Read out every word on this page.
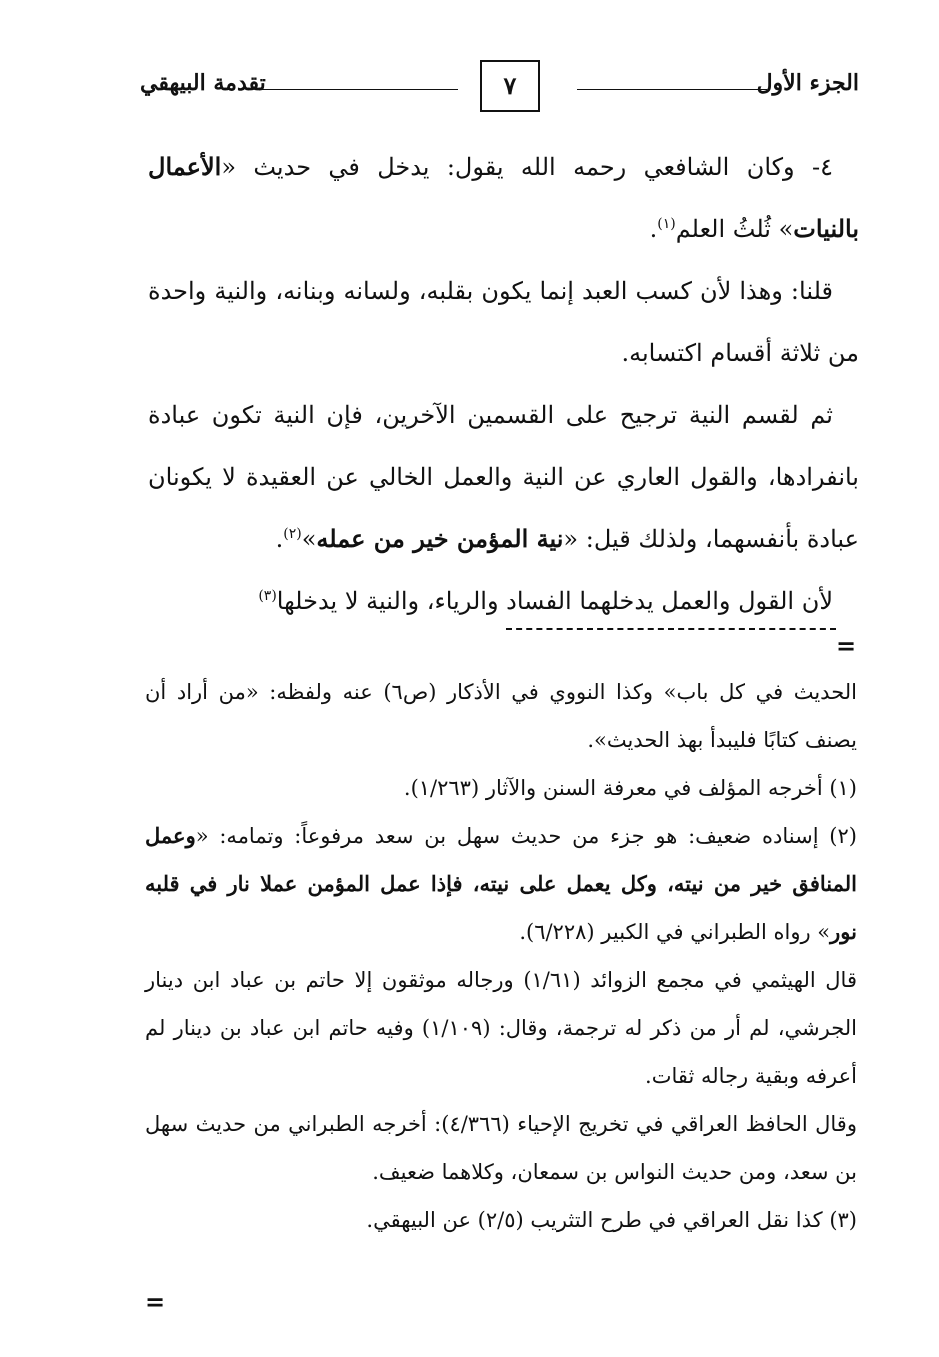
الجزء الأول
٧
تقدمة البيهقي

٤- وكان الشافعي رحمه الله يقول: يدخل في حديث «الأعمال بالنيات» ثُلثُ العلم$^{(١)}$.

قلنا: وهذا لأن كسب العبد إنما يكون بقلبه، ولسانه وبنانه، والنية واحدة من ثلاثة أقسام اكتسابه.

ثم لقسم النية ترجيح على القسمين الآخرين، فإن النية تكون عبادة بانفرادها، والقول العاري عن النية والعمل الخالي عن العقيدة لا يكونان عبادة بأنفسهما، ولذلك قيل: «نية المؤمن خير من عمله»$^{(٢)}$.

لأن القول والعمل يدخلهما الفساد والرياء، والنية لا يدخلها$^{(٣)}$

=

الحديث في كل باب» وكذا النووي في الأذكار (ص٦) عنه ولفظه: «من أراد أن يصنف كتابًا فليبدأ بهذ الحديث».

(١) أخرجه المؤلف في معرفة السنن والآثار (١/٢٦٣).

(٢) إسناده ضعيف: هو جزء من حديث سهل بن سعد مرفوعاً: وتمامه: «وعمل المنافق خير من نيته، وكل يعمل على نيته، فإذا عمل المؤمن عملا نار في قلبه نور» رواه الطبراني في الكبير (٦/٢٢٨).

قال الهيثمي في مجمع الزوائد (١/٦١) ورجاله موثقون إلا حاتم بن عباد ابن دينار الجرشي، لم أر من ذكر له ترجمة، وقال: (١/١٠٩) وفيه حاتم ابن عباد بن دينار لم أعرفه وبقية رجاله ثقات.

وقال الحافظ العراقي في تخريج الإحياء (٤/٣٦٦): أخرجه الطبراني من حديث سهل بن سعد، ومن حديث النواس بن سمعان، وكلاهما ضعيف.

(٣) كذا نقل العراقي في طرح التثريب (٢/٥) عن البيهقي.

=
